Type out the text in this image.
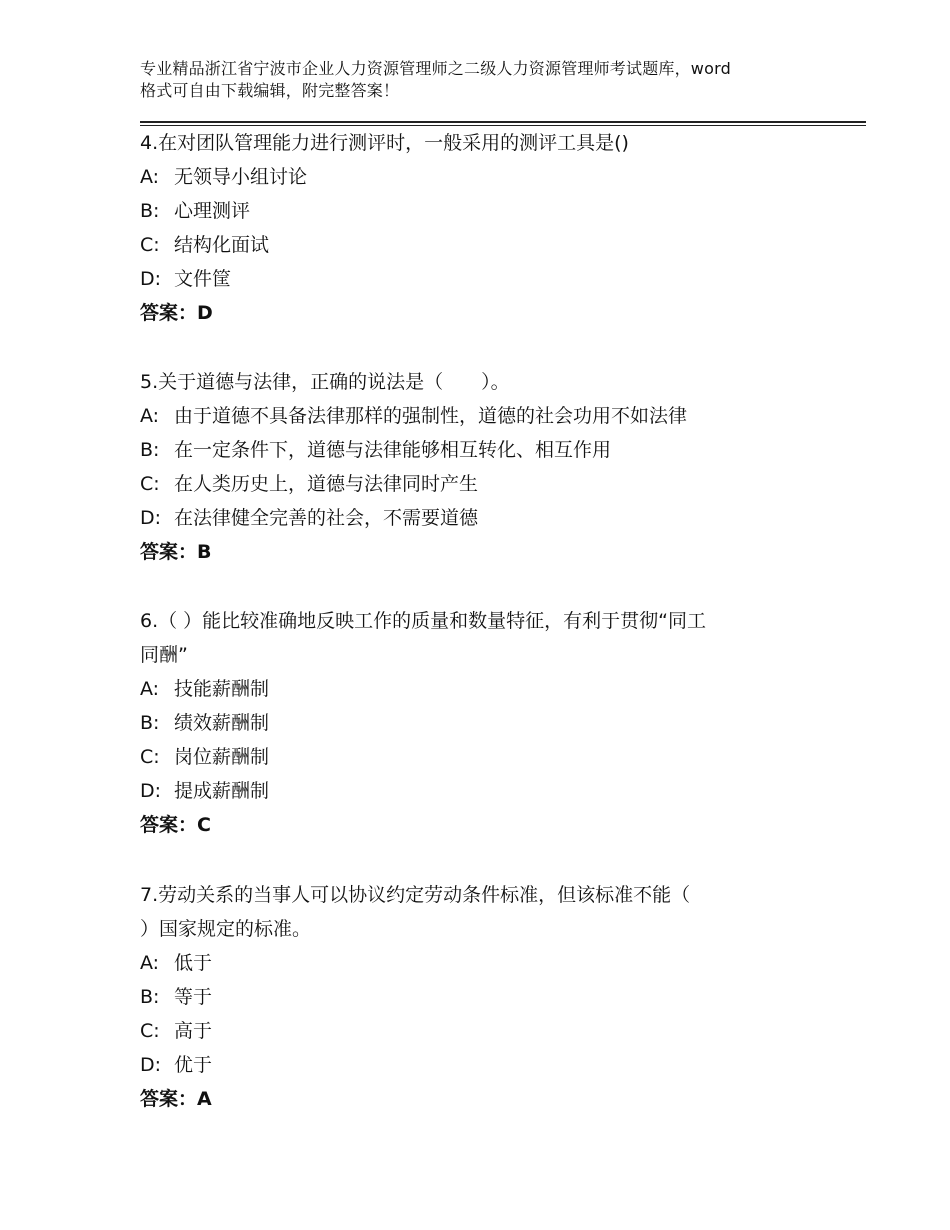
专业精品浙江省宁波市企业人力资源管理师之二级人力资源管理师考试题库，word
格式可自由下载编辑，附完整答案！
4.在对团队管理能力进行测评时，一般采用的测评工具是()
A: 无领导小组讨论
B: 心理测评
C: 结构化面试
D: 文件筐
答案：D
5.关于道德与法律，正确的说法是（　　）。
A: 由于道德不具备法律那样的强制性，道德的社会功用不如法律
B: 在一定条件下，道德与法律能够相互转化、相互作用
C: 在人类历史上，道德与法律同时产生
D: 在法律健全完善的社会，不需要道德
答案：B
6.（ ）能比较准确地反映工作的质量和数量特征，有利于贯彻“同工
同酬”
A: 技能薪酬制
B: 绩效薪酬制
C: 岗位薪酬制
D: 提成薪酬制
答案：C
7.劳动关系的当事人可以协议约定劳动条件标准，但该标准不能（
）国家规定的标准。
A: 低于
B: 等于
C: 高于
D: 优于
答案：A
